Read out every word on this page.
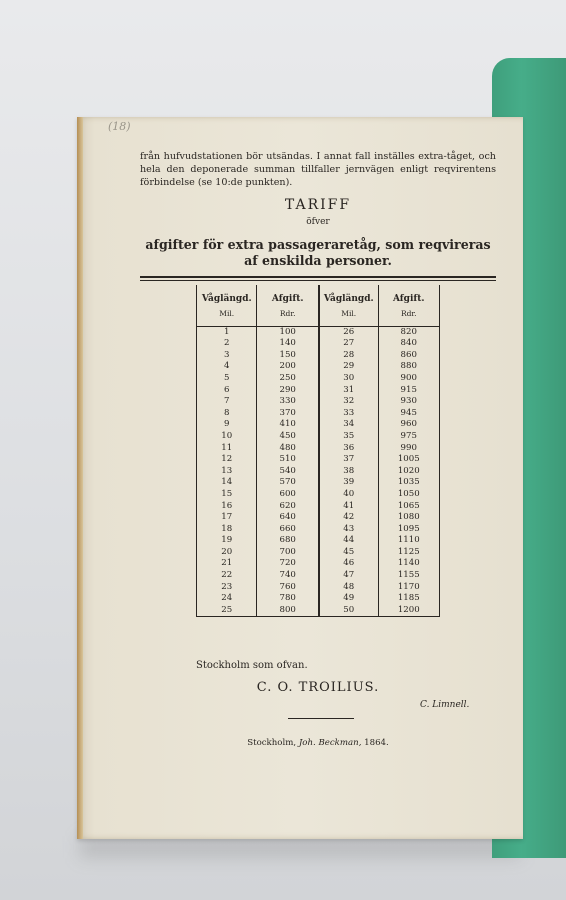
(18)
från hufvudstationen bör utsändas. I annat fall inställes extra-tåget, och hela den deponerade summan tillfaller jernvägen enligt reqvirentens förbindelse (se 10:de punkten).
TARIFF
öfver
afgifter för extra passageraretåg, som reqvireras af enskilda personer.
Våglängd.	Afgift.	Våglängd.	Afgift.
Mil.	Rdr.	Mil.	Rdr.
1	100	26	820
2	140	27	840
3	150	28	860
4	200	29	880
5	250	30	900
6	290	31	915
7	330	32	930
8	370	33	945
9	410	34	960
10	450	35	975
11	480	36	990
12	510	37	1005
13	540	38	1020
14	570	39	1035
15	600	40	1050
16	620	41	1065
17	640	42	1080
18	660	43	1095
19	680	44	1110
20	700	45	1125
21	720	46	1140
22	740	47	1155
23	760	48	1170
24	780	49	1185
25	800	50	1200
Stockholm som ofvan.
C. O. TROILIUS.
C. Limnell.
Stockholm, Joh. Beckman, 1864.
